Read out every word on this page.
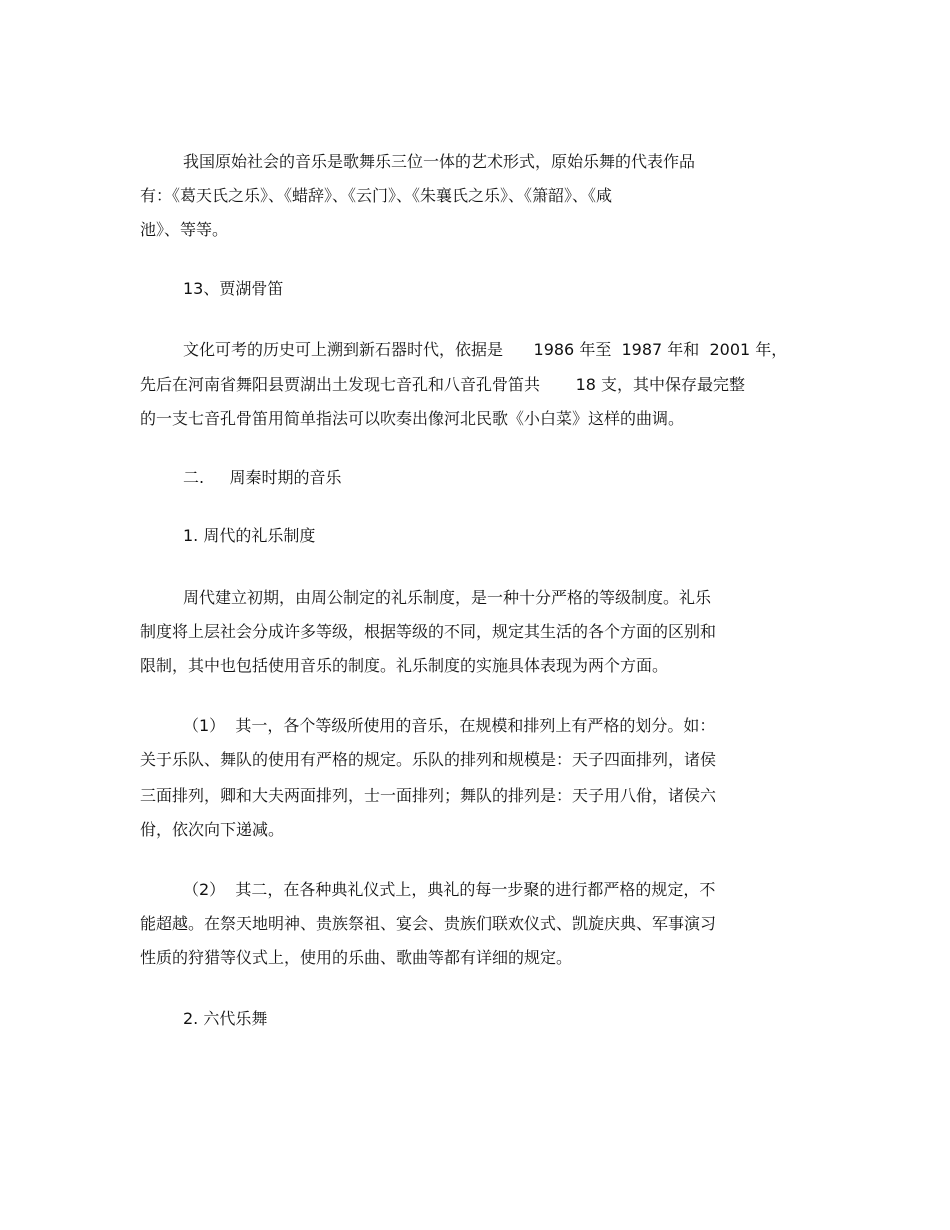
我国原始社会的音乐是歌舞乐三位一体的艺术形式，原始乐舞的代表作品
有：《葛天氏之乐》、《蜡辞》、《云门》、《朱襄氏之乐》、《箫韶》、《咸
池》、等等。
13、贾湖骨笛
文化可考的历史可上溯到新石器时代，依据是      1986 年至  1987 年和  2001 年，
先后在河南省舞阳县贾湖出土发现七音孔和八音孔骨笛共       18 支，其中保存最完整
的一支七音孔骨笛用简单指法可以吹奏出像河北民歌《小白菜》这样的曲调。
二.     周秦时期的音乐
1. 周代的礼乐制度
周代建立初期，由周公制定的礼乐制度，是一种十分严格的等级制度。礼乐
制度将上层社会分成许多等级，根据等级的不同，规定其生活的各个方面的区别和
限制，其中也包括使用音乐的制度。礼乐制度的实施具体表现为两个方面。
（1）  其一，各个等级所使用的音乐，在规模和排列上有严格的划分。如：
关于乐队、舞队的使用有严格的规定。乐队的排列和规模是：天子四面排列，诸侯
三面排列，卿和大夫两面排列，士一面排列；舞队的排列是：天子用八佾，诸侯六
佾，依次向下递减。
（2）  其二，在各种典礼仪式上，典礼的每一步聚的进行都严格的规定，不
能超越。在祭天地明神、贵族祭祖、宴会、贵族们联欢仪式、凯旋庆典、军事演习
性质的狩猎等仪式上，使用的乐曲、歌曲等都有详细的规定。
2. 六代乐舞
